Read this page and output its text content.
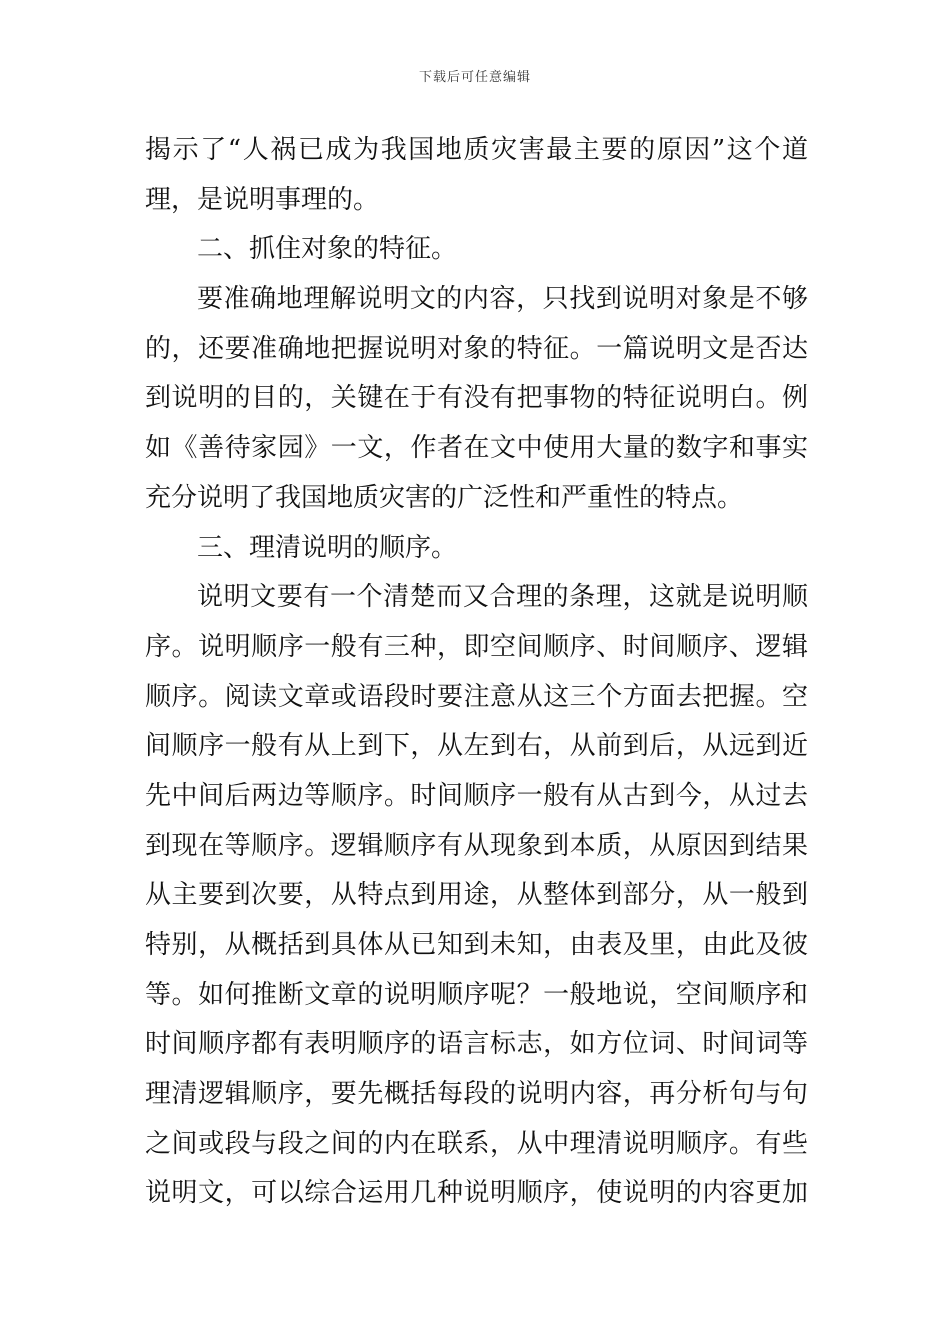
下载后可任意编辑
揭示了“人祸已成为我国地质灾害最主要的原因”这个道
理，是说明事理的。
二、抓住对象的特征。
要准确地理解说明文的内容，只找到说明对象是不够
的，还要准确地把握说明对象的特征。一篇说明文是否达
到说明的目的，关键在于有没有把事物的特征说明白。例
如《善待家园》一文，作者在文中使用大量的数字和事实
充分说明了我国地质灾害的广泛性和严重性的特点。
三、理清说明的顺序。
说明文要有一个清楚而又合理的条理，这就是说明顺
序。说明顺序一般有三种，即空间顺序、时间顺序、逻辑
顺序。阅读文章或语段时要注意从这三个方面去把握。空
间顺序一般有从上到下，从左到右，从前到后，从远到近
先中间后两边等顺序。时间顺序一般有从古到今，从过去
到现在等顺序。逻辑顺序有从现象到本质，从原因到结果
从主要到次要，从特点到用途，从整体到部分，从一般到
特别，从概括到具体从已知到未知，由表及里，由此及彼
等。如何推断文章的说明顺序呢？一般地说，空间顺序和
时间顺序都有表明顺序的语言标志，如方位词、时间词等
理清逻辑顺序，要先概括每段的说明内容，再分析句与句
之间或段与段之间的内在联系，从中理清说明顺序。有些
说明文，可以综合运用几种说明顺序，使说明的内容更加
